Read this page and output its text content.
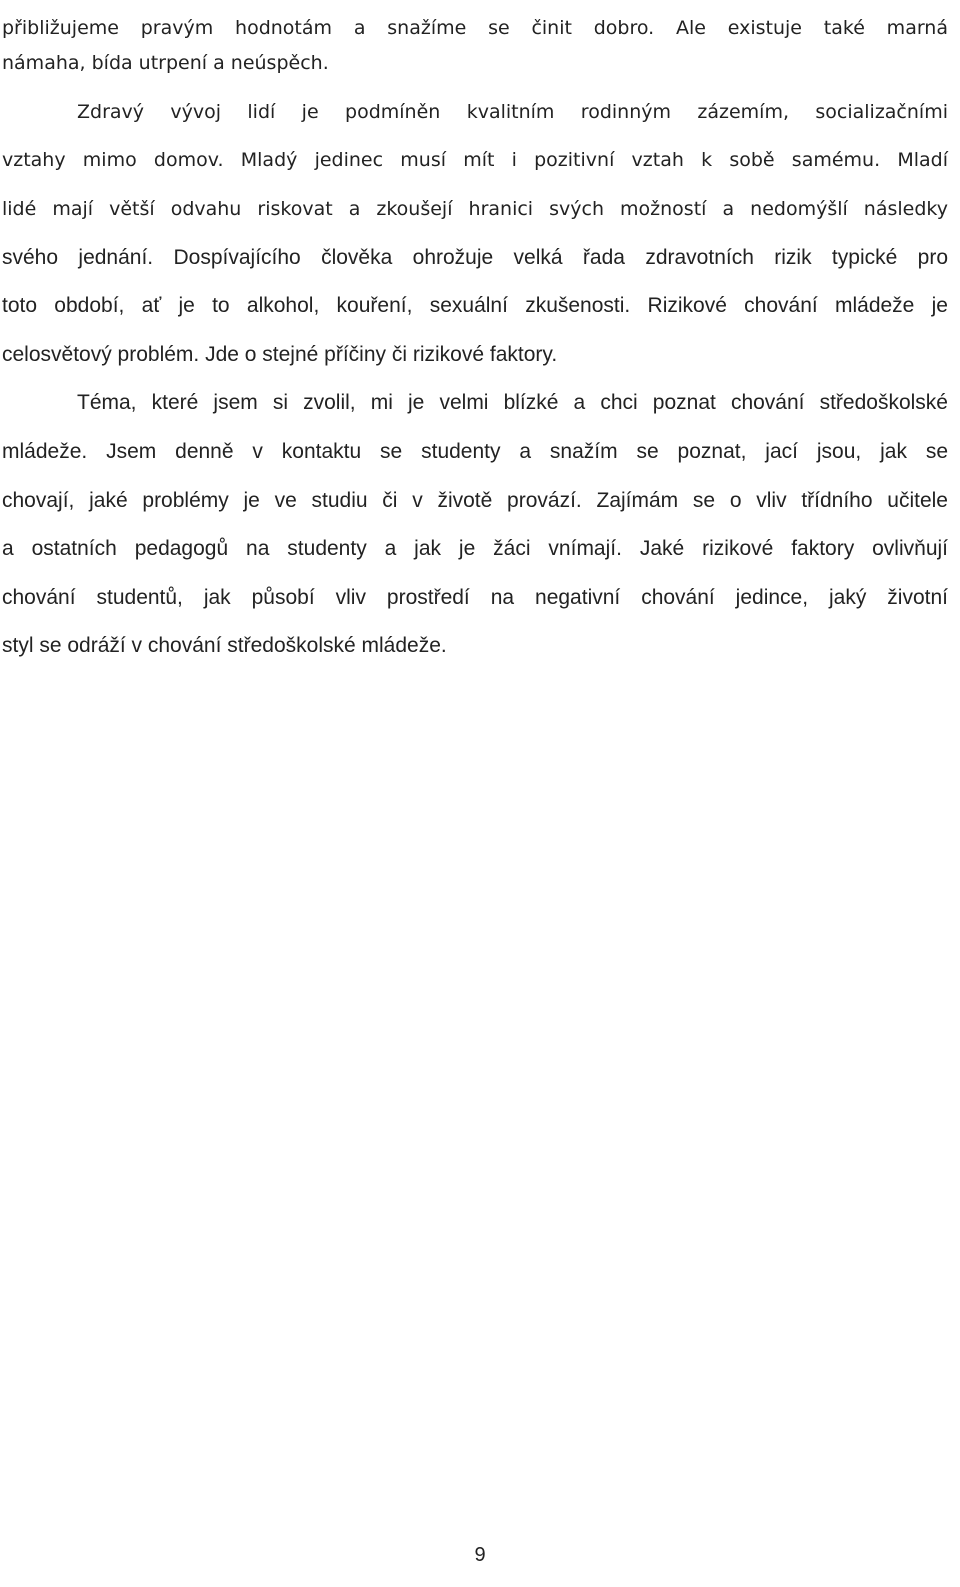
přibližujeme pravým hodnotám a snažíme se činit dobro. Ale existuje také marná
námaha, bída utrpení a neúspěch.
Zdravý vývoj lidí je podmíněn kvalitním rodinným zázemím, socializačními
vztahy mimo domov. Mladý jedinec musí mít i pozitivní vztah k sobě samému. Mladí
lidé mají větší odvahu riskovat a zkoušejí hranici svých možností a nedomýšlí následky
svého jednání. Dospívajícího člověka ohrožuje velká řada zdravotních rizik typické pro
toto období, ať je to alkohol, kouření, sexuální zkušenosti. Rizikové chování mládeže je
celosvětový problém. Jde o stejné příčiny či rizikové faktory.
Téma, které jsem si zvolil, mi je velmi blízké a chci poznat chování středoškolské
mládeže. Jsem denně v kontaktu se studenty a snažím se poznat, jací jsou, jak se
chovají, jaké problémy je ve studiu či v životě provází. Zajímám se o vliv třídního učitele
a ostatních pedagogů na studenty a jak je žáci vnímají. Jaké rizikové faktory ovlivňují
chování studentů, jak působí vliv prostředí na negativní chování jedince, jaký životní
styl se odráží v chování středoškolské mládeže.
9
